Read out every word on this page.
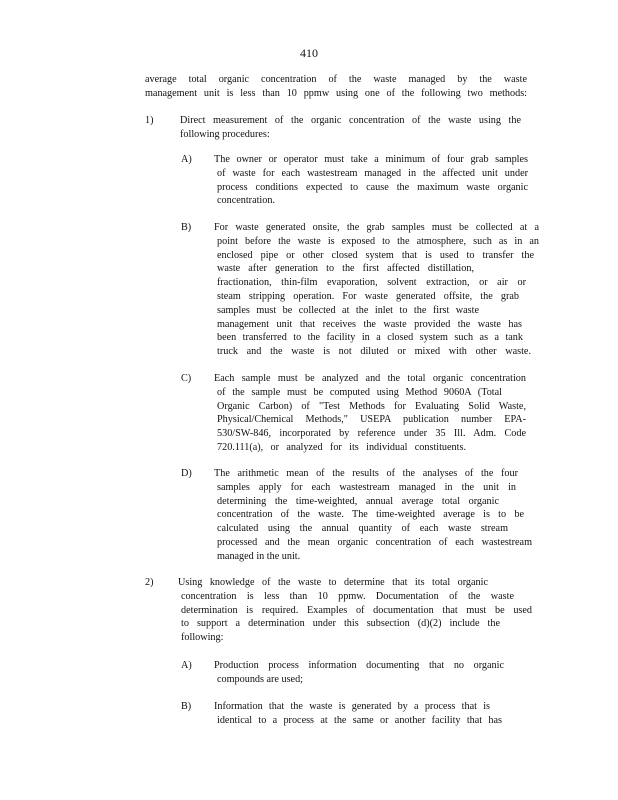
410
average total organic concentration of the waste managed by the waste
management unit is less than 10 ppmw using one of the following two methods:
1)	Direct measurement of the organic concentration of the waste using the
following procedures:
A) The owner or operator must take a minimum of four grab samples
of waste for each wastestream managed in the affected unit under
process conditions expected to cause the maximum waste organic
concentration.
B) For waste generated onsite, the grab samples must be collected at a
point before the waste is exposed to the atmosphere, such as in an
enclosed pipe or other closed system that is used to transfer the
waste after generation to the first affected distillation,
fractionation, thin-film evaporation, solvent extraction, or air or
steam stripping operation. For waste generated offsite, the grab
samples must be collected at the inlet to the first waste
management unit that receives the waste provided the waste has
been transferred to the facility in a closed system such as a tank
truck and the waste is not diluted or mixed with other waste.
C) Each sample must be analyzed and the total organic concentration
of the sample must be computed using Method 9060A (Total
Organic Carbon) of "Test Methods for Evaluating Solid Waste,
Physical/Chemical Methods," USEPA publication number EPA-
530/SW-846, incorporated by reference under 35 Ill. Adm. Code
720.111(a), or analyzed for its individual constituents.
D) The arithmetic mean of the results of the analyses of the four
samples apply for each wastestream managed in the unit in
determining the time-weighted, annual average total organic
concentration of the waste. The time-weighted average is to be
calculated using the annual quantity of each waste stream
processed and the mean organic concentration of each wastestream
managed in the unit.
2) Using knowledge of the waste to determine that its total organic
concentration is less than 10 ppmw. Documentation of the waste
determination is required. Examples of documentation that must be used
to support a determination under this subsection (d)(2) include the
following:
A) Production process information documenting that no organic
compounds are used;
B) Information that the waste is generated by a process that is
identical to a process at the same or another facility that has
